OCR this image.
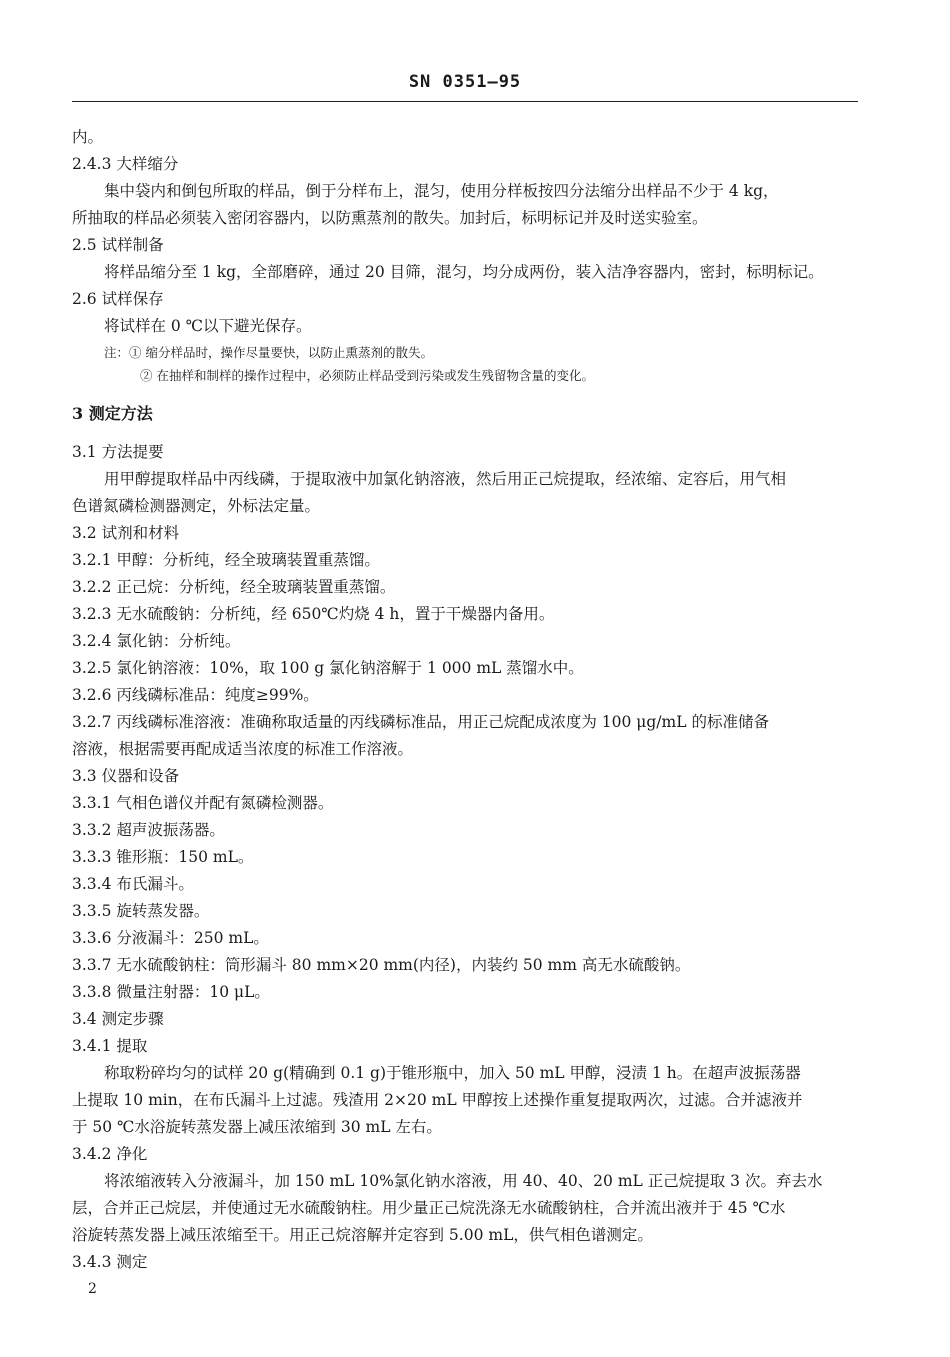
SN 0351—95
内。
2.4.3 大样缩分
集中袋内和倒包所取的样品，倒于分样布上，混匀，使用分样板按四分法缩分出样品不少于 4 kg，
所抽取的样品必须装入密闭容器内，以防熏蒸剂的散失。加封后，标明标记并及时送实验室。
2.5 试样制备
将样品缩分至 1 kg，全部磨碎，通过 20 目筛，混匀，均分成两份，装入洁净容器内，密封，标明标记。
2.6 试样保存
将试样在 0 ℃以下避光保存。
注：① 缩分样品时，操作尽量要快，以防止熏蒸剂的散失。
② 在抽样和制样的操作过程中，必须防止样品受到污染或发生残留物含量的变化。
3 测定方法
3.1 方法提要
用甲醇提取样品中丙线磷，于提取液中加氯化钠溶液，然后用正己烷提取，经浓缩、定容后，用气相
色谱氮磷检测器测定，外标法定量。
3.2 试剂和材料
3.2.1 甲醇：分析纯，经全玻璃装置重蒸馏。
3.2.2 正己烷：分析纯，经全玻璃装置重蒸馏。
3.2.3 无水硫酸钠：分析纯，经 650℃灼烧 4 h，置于干燥器内备用。
3.2.4 氯化钠：分析纯。
3.2.5 氯化钠溶液：10%，取 100 g 氯化钠溶解于 1 000 mL 蒸馏水中。
3.2.6 丙线磷标准品：纯度≥99%。
3.2.7 丙线磷标准溶液：准确称取适量的丙线磷标准品，用正己烷配成浓度为 100 μg/mL 的标准储备
溶液，根据需要再配成适当浓度的标准工作溶液。
3.3 仪器和设备
3.3.1 气相色谱仪并配有氮磷检测器。
3.3.2 超声波振荡器。
3.3.3 锥形瓶：150 mL。
3.3.4 布氏漏斗。
3.3.5 旋转蒸发器。
3.3.6 分液漏斗：250 mL。
3.3.7 无水硫酸钠柱：筒形漏斗 80 mm×20 mm(内径)，内装约 50 mm 高无水硫酸钠。
3.3.8 微量注射器：10 μL。
3.4 测定步骤
3.4.1 提取
称取粉碎均匀的试样 20 g(精确到 0.1 g)于锥形瓶中，加入 50 mL 甲醇，浸渍 1 h。在超声波振荡器
上提取 10 min，在布氏漏斗上过滤。残渣用 2×20 mL 甲醇按上述操作重复提取两次，过滤。合并滤液并
于 50 ℃水浴旋转蒸发器上减压浓缩到 30 mL 左右。
3.4.2 净化
将浓缩液转入分液漏斗，加 150 mL 10%氯化钠水溶液，用 40、40、20 mL 正己烷提取 3 次。弃去水
层，合并正己烷层，并使通过无水硫酸钠柱。用少量正己烷洗涤无水硫酸钠柱，合并流出液并于 45 ℃水
浴旋转蒸发器上减压浓缩至干。用正己烷溶解并定容到 5.00 mL，供气相色谱测定。
3.4.3 测定
2
